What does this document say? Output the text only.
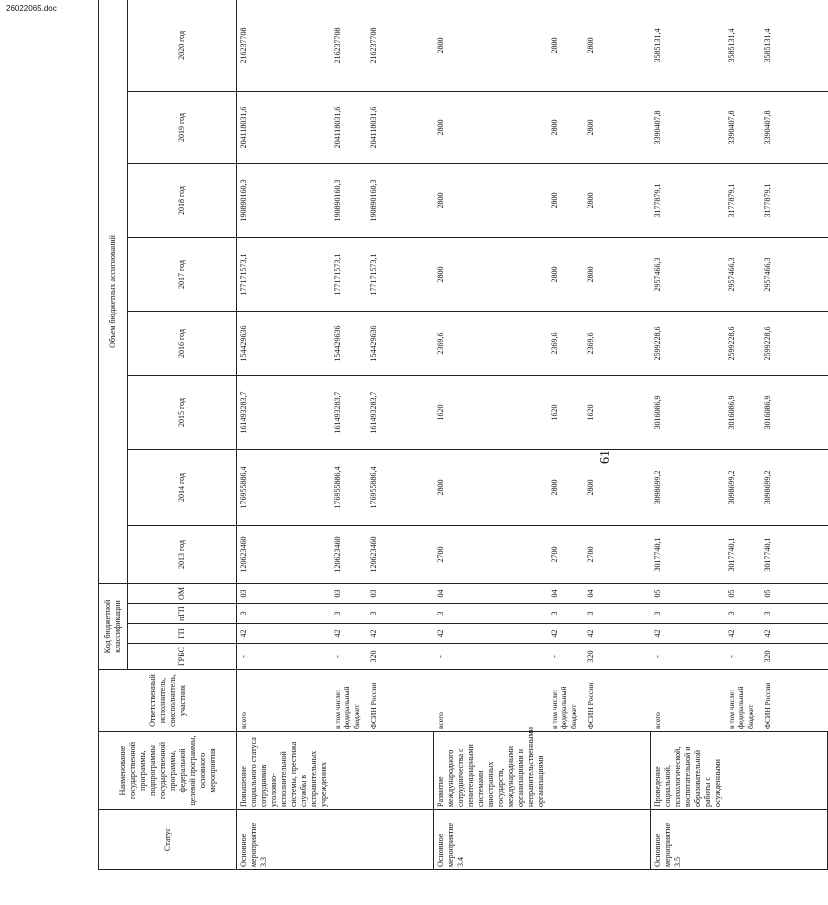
61
Статус	Наименование государственной программы, подпрограммы государственной программы, федеральной целевой программы, основного мероприятия	Ответственный исполнитель, соисполнитель, участник	Код бюджетной классификации				Объем бюджетных ассигнований							
			ГРБС	ГП	пГП	ОМ	2013 год	2014 год	2015 год	2016 год	2017 год	2018 год	2019 год	2020 год
Основное мероприятие 3.3	Повышение социального статуса сотрудников уголовно-исполнительной системы, престижа службы в исправительных учреждениях	всего	-	42	3	03	120623460	176955886,4	161493283,7	154429636	177171573,1	190890160,3	204118031,6	216237708
		в том числе: федеральный бюджет	-	42	3	03	120623460	176955886,4	161493283,7	154429636	177171573,1	190890160,3	204118031,6	216237708
		ФСИН России	320	42	3	03	120623460	176955886,4	161493283,7	154429636	177171573,1	190890160,3	204118031,6	216237708
Основное мероприятие 3.4	Развитие международного сотрудничества с пенитенциарными системами иностранных государств, международными организациями и неправительственными организациями	всего	-	42	3	04	2700	2800	1620	2369,6	2800	2800	2800	2800
		в том числе: федеральный бюджет	-	42	3	04	2700	2800	1620	2369,6	2800	2800	2800	2800
		ФСИН России	320	42	3	04	2700	2800	1620	2369,6	2800	2800	2800	2800
Основное мероприятие 3.5	Проведение социальной, психологической, воспитательной и образовательной работы с осужденными	всего	-	42	3	05	3017740,1	3098699,2	3016086,9	2599228,6	2957466,3	3177879,1	3390407,8	3585131,4
		в том числе: федеральный бюджет	-	42	3	05	3017740,1	3098699,2	3016086,9	2599228,6	2957466,3	3177879,1	3390407,8	3585131,4
		ФСИН России	320	42	3	05	3017740,1	3098699,2	3016086,9	2599228,6	2957466,3	3177879,1	3390407,8	3585131,4
26022065.doc
